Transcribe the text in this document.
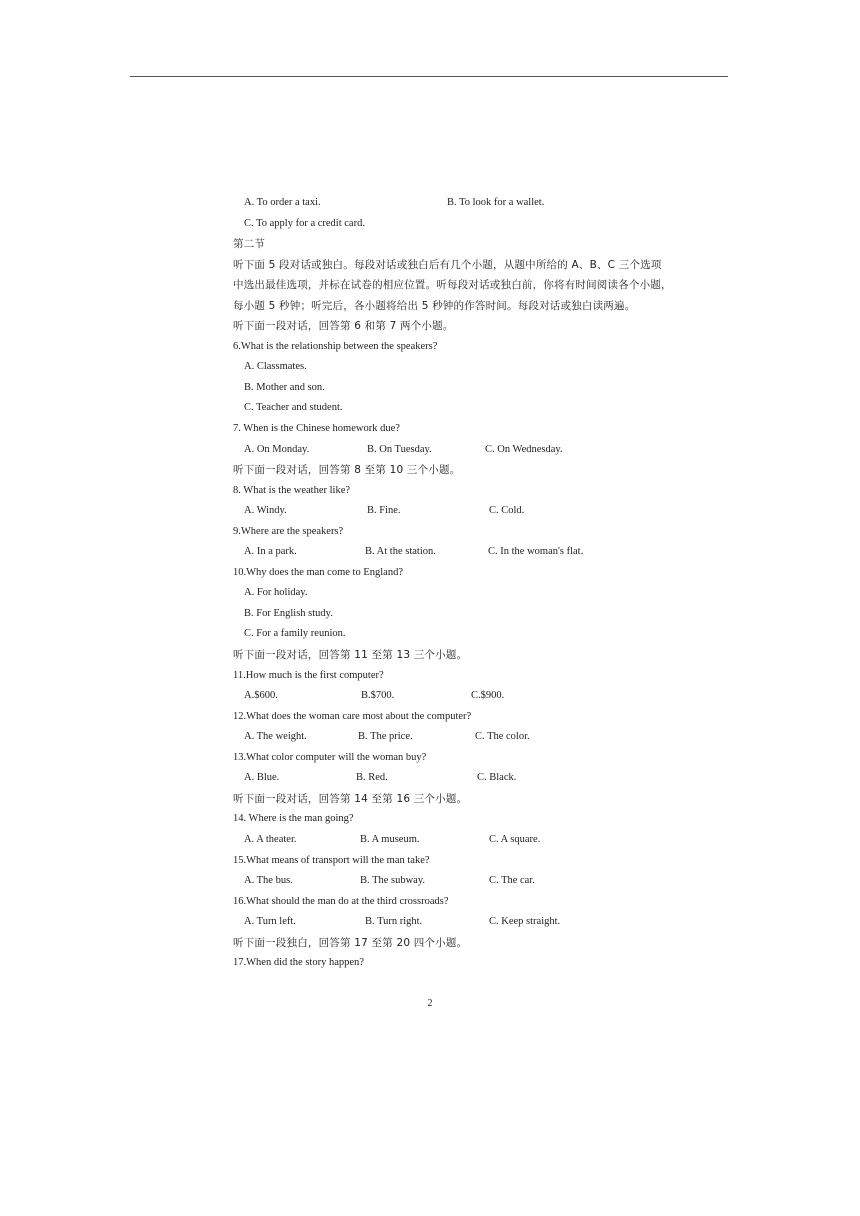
A. To order a taxi.	B. To look for a wallet.
C. To apply for a credit card.
第二节
听下面 5 段对话或独白。每段对话或独白后有几个小题，从题中所给的 A、B、C 三个选项
中选出最佳选项，并标在试卷的相应位置。听每段对话或独白前，你将有时间阅读各个小题，
每小题 5 秒钟；听完后，各小题将给出 5 秒钟的作答时间。每段对话或独白读两遍。
听下面一段对话，回答第 6 和第 7 两个小题。
6.What is the relationship between the speakers?
A. Classmates.
B. Mother and son.
C. Teacher and student.
7. When is the Chinese homework due?
A. On Monday.	B. On Tuesday.	C. On Wednesday.
听下面一段对话，回答第 8 至第 10 三个小题。
8. What is the weather like?
A. Windy.	B. Fine.	C. Cold.
9.Where are the speakers?
A. In a park.	B. At the station.	C. In the woman's flat.
10.Why does the man come to England?
A. For holiday.
B. For English study.
C. For a family reunion.
听下面一段对话，回答第 11 至第 13 三个小题。
11.How much is the first computer?
A.$600.	B.$700.	C.$900.
12.What does the woman care most about the computer?
A. The weight.	B. The price.	C. The color.
13.What color computer will the woman buy?
A. Blue.	B. Red.	C. Black.
听下面一段对话，回答第 14 至第 16 三个小题。
14. Where is the man going?
A. A theater.	B. A museum.	C. A square.
15.What means of transport will the man take?
A. The bus.	B. The subway.	C. The car.
16.What should the man do at the third crossroads?
A. Turn left.	B. Turn right.	C. Keep straight.
听下面一段独白，回答第 17 至第 20 四个小题。
17.When did the story happen?
2
